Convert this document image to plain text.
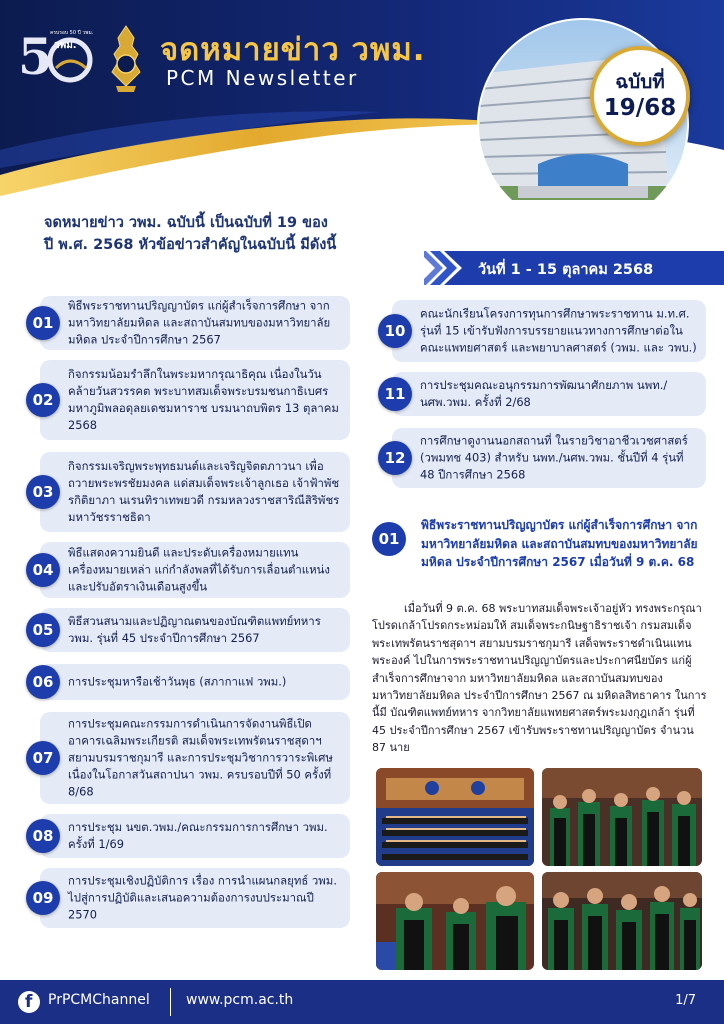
5 วพม.
ครบรอบ 50 ปี วพม. จดหมายข่าว วพม.
PCM Newsletter	ฉบับที่
19/68
จดหมายข่าว วพม. ฉบับนี้ เป็นฉบับที่ 19 ของ
ปี พ.ศ. 2568 หัวข้อข่าวสำคัญในฉบับนี้ มีดังนี้
วันที่ 1 - 15 ตุลาคม 2568
01
พิธีพระราชทานปริญญาบัตร แก่ผู้สำเร็จการศึกษา จากมหาวิทยาลัยมหิดล และสถาบันสมทบของมหาวิทยาลัยมหิดล ประจำปีการศึกษา 2567
02
กิจกรรมน้อมรำลึกในพระมหากรุณาธิคุณ เนื่องในวันคล้ายวันสวรรคต พระบาทสมเด็จพระบรมชนกาธิเบศร มหาภูมิพลอดุลยเดชมหาราช บรมนาถบพิตร 13 ตุลาคม 2568
03
กิจกรรมเจริญพระพุทธมนต์และเจริญจิตตภาวนา เพื่อถวายพระพรชัยมงคล แด่สมเด็จพระเจ้าลูกเธอ เจ้าฟ้าพัชรกิติยาภา นเรนทิราเทพยวดี กรมหลวงราชสาริณีสิริพัชร มหาวัชรราชธิดา
04
พิธีแสดงความยินดี และประดับเครื่องหมายแทนเครื่องหมายเหล่า แก่กำลังพลที่ได้รับการเลื่อนตำแหน่งและปรับอัตราเงินเดือนสูงขึ้น
05	พิธีสวนสนามและปฏิญาณตนของบัณฑิตแพทย์ทหาร วพม. รุ่นที่ 45 ประจำปีการศึกษา 2567
06	การประชุมหารือเช้าวันพุธ (สภากาแฟ วพม.)
07
การประชุมคณะกรรมการดำเนินการจัดงานพิธีเปิดอาคารเฉลิมพระเกียรติ สมเด็จพระเทพรัตนราชสุดาฯ สยามบรมราชกุมารี และการประชุมวิชาการวาระพิเศษ เนื่องในโอกาสวันสถาปนา วพม. ครบรอบปีที่ 50 ครั้งที่ 8/68
08	การประชุม นขต.วพม./คณะกรรมการการศึกษา วพม. ครั้งที่ 1/69
09
การประชุมเชิงปฏิบัติการ เรื่อง การนำแผนกลยุทธ์ วพม. ไปสู่การปฏิบัติและเสนอความต้องการงบประมาณปี 2570
10
คณะนักเรียนโครงการทุนการศึกษาพระราชทาน ม.ท.ศ. รุ่นที่ 15 เข้ารับฟังการบรรยายแนวทางการศึกษาต่อใน คณะแพทยศาสตร์ และพยาบาลศาสตร์ (วพม. และ วพบ.)
11	การประชุมคณะอนุกรรมการพัฒนาศักยภาพ นพท./นศพ.วพม. ครั้งที่ 2/68
12
การศึกษาดูงานนอกสถานที่ ในรายวิชาอาชีวเวชศาสตร์ (วพมทช 403) สำหรับ นพท./นศพ.วพม. ชั้นปีที่ 4 รุ่นที่ 48 ปีการศึกษา 2568
01
พิธีพระราชทานปริญญาบัตร แก่ผู้สำเร็จการศึกษา จาก มหาวิทยาลัยมหิดล และสถาบันสมทบของมหาวิทยาลัยมหิดล ประจำปีการศึกษา 2567 เมื่อวันที่ 9 ต.ค. 68
เมื่อวันที่ 9 ต.ค. 68 พระบาทสมเด็จพระเจ้าอยู่หัว ทรงพระกรุณาโปรดเกล้าโปรดกระหม่อมให้ สมเด็จพระกนิษฐาธิราชเจ้า กรมสมเด็จพระเทพรัตนราชสุดาฯ สยามบรมราชกุมารี เสด็จพระราชดำเนินแทนพระองค์ ไปในการพระราชทานปริญญาบัตรและประกาศนียบัตร แก่ผู้สำเร็จการศึกษาจาก มหาวิทยาลัยมหิดล และสถาบันสมทบของมหาวิทยาลัยมหิดล ประจำปีการศึกษา 2567 ณ มหิดลสิทธาคาร ในการนี้มี บัณฑิตแพทย์ทหาร จากวิทยาลัยแพทยศาสตร์พระมงกุฎเกล้า รุ่นที่ 45 ประจำปีการศึกษา 2567 เข้ารับพระราชทานปริญญาบัตร จำนวน 87 นาย
f PrPCMChannel	www.pcm.ac.th	1/7
